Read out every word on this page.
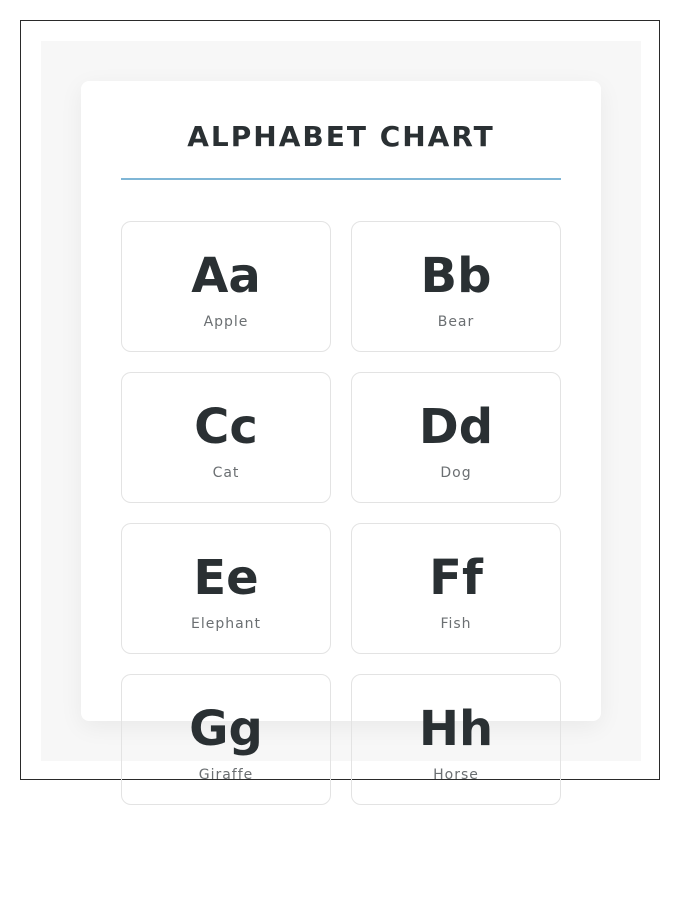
ALPHABET CHART
Aa
Apple
Bb
Bear
Cc
Cat
Dd
Dog
Ee
Elephant
Ff
Fish
Gg
Giraffe
Hh
Horse
